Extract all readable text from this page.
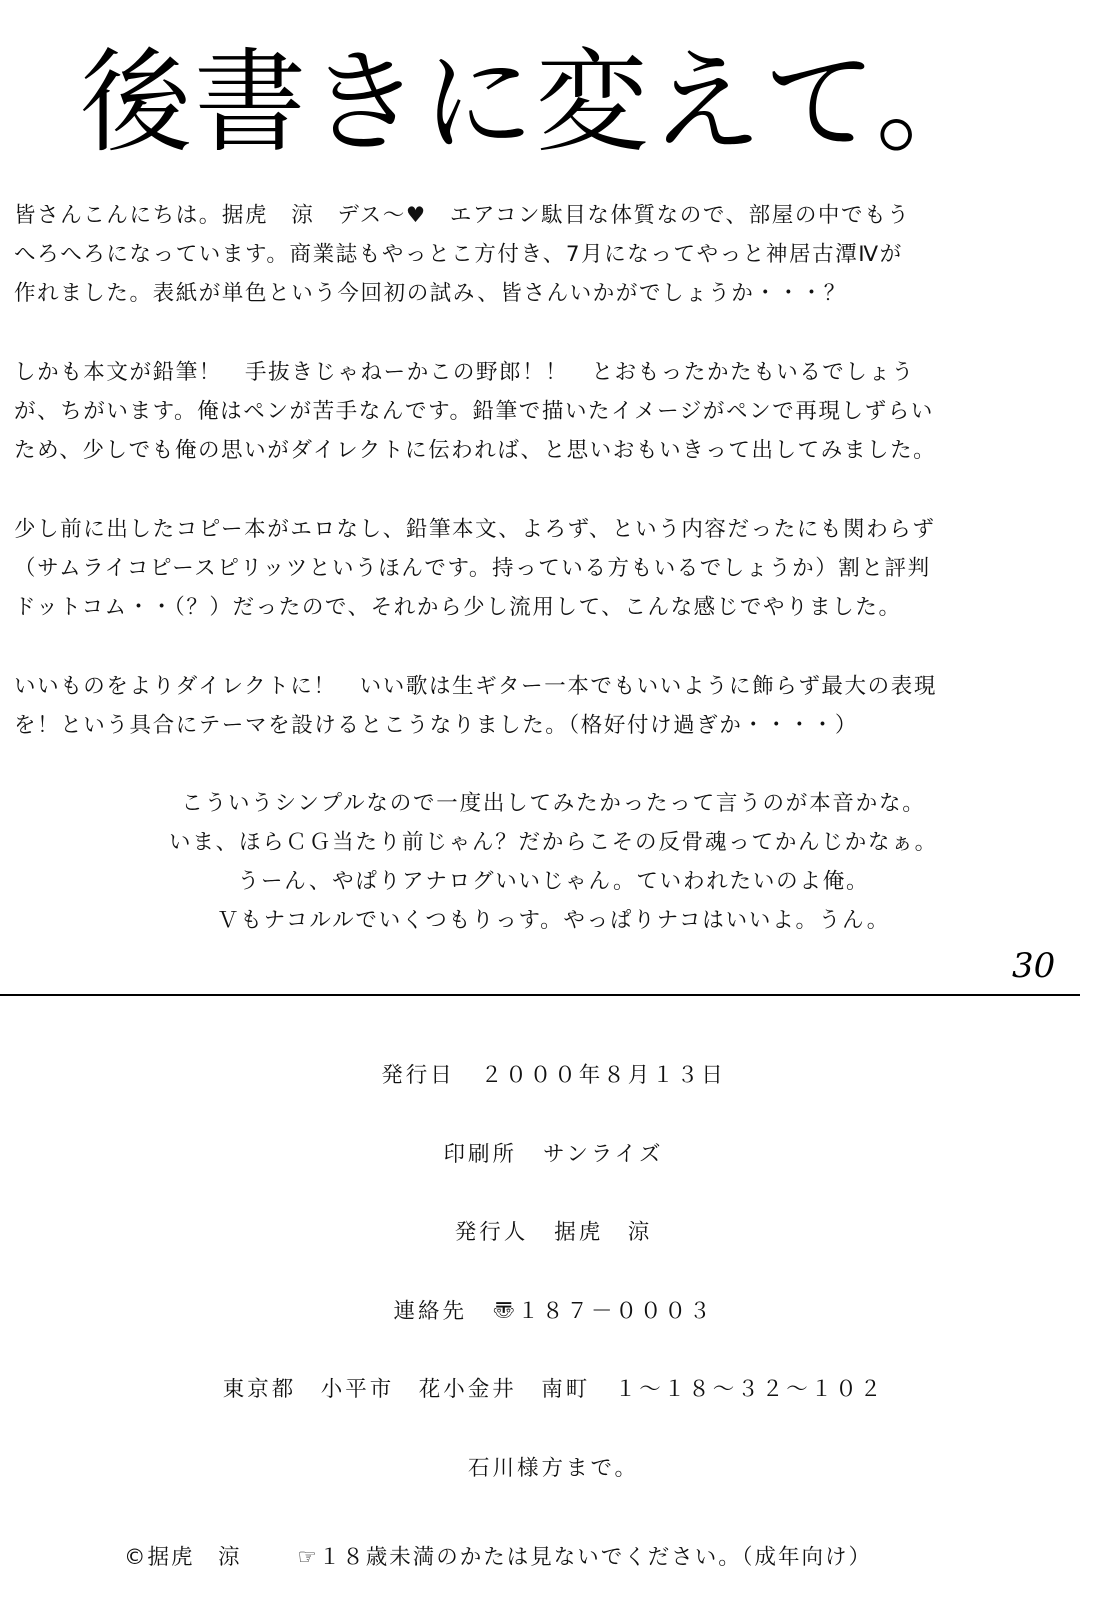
後書きに変えて。
皆さんこんにちは。据虎　涼　デス～♥　エアコン駄目な体質なので、部屋の中でもう
へろへろになっています。商業誌もやっとこ方付き、7月になってやっと神居古潭Ⅳが
作れました。表紙が単色という今回初の試み、皆さんいかがでしょうか・・・？
しかも本文が鉛筆！　手抜きじゃねーかこの野郎！！　とおもったかたもいるでしょう
が、ちがいます。俺はペンが苦手なんです。鉛筆で描いたイメージがペンで再現しずらい
ため、少しでも俺の思いがダイレクトに伝われば、と思いおもいきって出してみました。
少し前に出したコピー本がエロなし、鉛筆本文、よろず、という内容だったにも関わらず
（サムライコピースピリッツというほんです。持っている方もいるでしょうか）割と評判
ドットコム・・（？）だったので、それから少し流用して、こんな感じでやりました。
いいものをよりダイレクトに！　いい歌は生ギター一本でもいいように飾らず最大の表現
を！という具合にテーマを設けるとこうなりました。（格好付け過ぎか・・・・）
こういうシンプルなので一度出してみたかったって言うのが本音かな。
いま、ほらＣＧ当たり前じゃん？だからこその反骨魂ってかんじかなぁ。
うーん、やぱりアナログいいじゃん。ていわれたいのよ俺。
Ｖもナコルルでいくつもりっす。やっぱりナコはいいよ。うん。
30
発行日 ２０００年８月１３日
印刷所 サンライズ
発行人 据虎　涼
連絡先 〠１８７－０００３
東京都　小平市　花小金井　南町　１～１８～３２～１０２
石川様方まで。
©据虎　涼	☞１８歳未満のかたは見ないでください。（成年向け）
